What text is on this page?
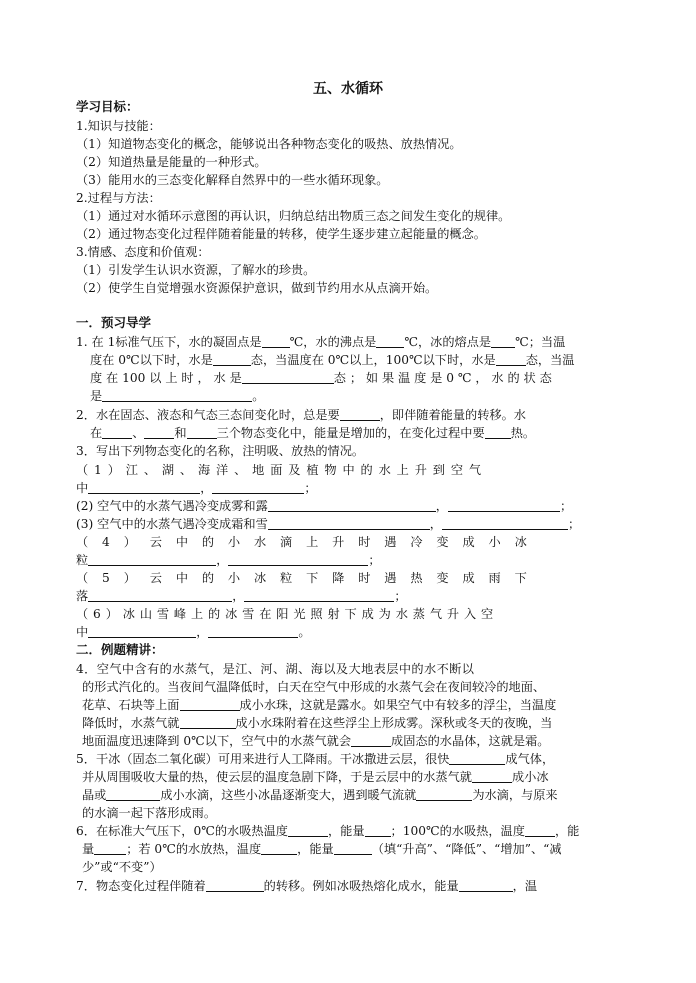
五、水循环
学习目标：
1.知识与技能：
（1）知道物态变化的概念，能够说出各种物态变化的吸热、放热情况。
（2）知道热量是能量的一种形式。
（3）能用水的三态变化解释自然界中的一些水循环现象。
2.过程与方法：
（1）通过对水循环示意图的再认识，归纳总结出物质三态之间发生变化的规律。
（2）通过物态变化过程伴随着能量的转移，使学生逐步建立起能量的概念。
3.情感、态度和价值观：
（1）引发学生认识水资源，了解水的珍贵。
（2）使学生自觉增强水资源保护意识，做到节约用水从点滴开始。
一．预习导学
1. 在 1标准气压下，水的凝固点是 ℃，水的沸点是 ℃，冰的熔点是 ℃；当温
度在 0℃以下时，水是	态，当温度在 0℃以上，100℃以下时，水是 态，当温
度 在 100 以 上 时 ， 水 是	态 ； 如 果 温 度 是 0 ℃ ， 水 的 状 态
是	。
2．水在固态、液态和气态三态间变化时，总是要	，即伴随着能量的转移。水
在 、 和 三个物态变化中，能量是增加的，在变化过程中要 热。
3．写出下列物态变化的名称，注明吸、放热的情况。
（ 1 ） 江 、 湖 、 海 洋 、 地 面 及 植 物 中 的 水 上 升 到 空 气
中	，	；
(2) 空气中的水蒸气遇冷变成雾和露	，	；
(3) 空气中的水蒸气遇冷变成霜和雪	，	；
（ 4 ） 云 中 的 小 水 滴 上 升 时 遇 冷 变 成 小 冰
粒	，	；
（ 5 ） 云 中 的 小 冰 粒 下 降 时 遇 热 变 成 雨 下
落	，	；
（ 6 ） 冰 山 雪 峰 上 的 冰 雪 在 阳 光 照 射 下 成 为 水 蒸 气 升 入 空
中	，	。
二．例题精讲：
4．空气中含有的水蒸气，是江、河、湖、海以及大地表层中的水不断以
的形式汽化的。当夜间气温降低时，白天在空气中形成的水蒸气会在夜间较冷的地面、
花草、石块等上面	成小水珠，这就是露水。如果空气中有较多的浮尘，当温度
降低时，水蒸气就	成小水珠附着在这些浮尘上形成雾。深秋或冬天的夜晚，当
地面温度迅速降到 0℃以下，空气中的水蒸气就会	成固态的水晶体，这就是霜。
5．干冰（固态二氧化碳）可用来进行人工降雨。干冰撒进云层，很快	成气体，
并从周围吸收大量的热，使云层的温度急剧下降，于是云层中的水蒸气就	成小冰
晶或	成小水滴，这些小冰晶逐渐变大，遇到暖气流就	为水滴，与原来
的水滴一起下落形成雨。
6．在标准大气压下，0℃的水吸热温度	，能量 ；100℃的水吸热，温度 ，能
量	；若 0℃的水放热，温度	，能量	（填“升高”、“降低”、“增加”、“减
少”或“不变”）
7．物态变化过程伴随着	的转移。例如冰吸热熔化成水，能量	，温
